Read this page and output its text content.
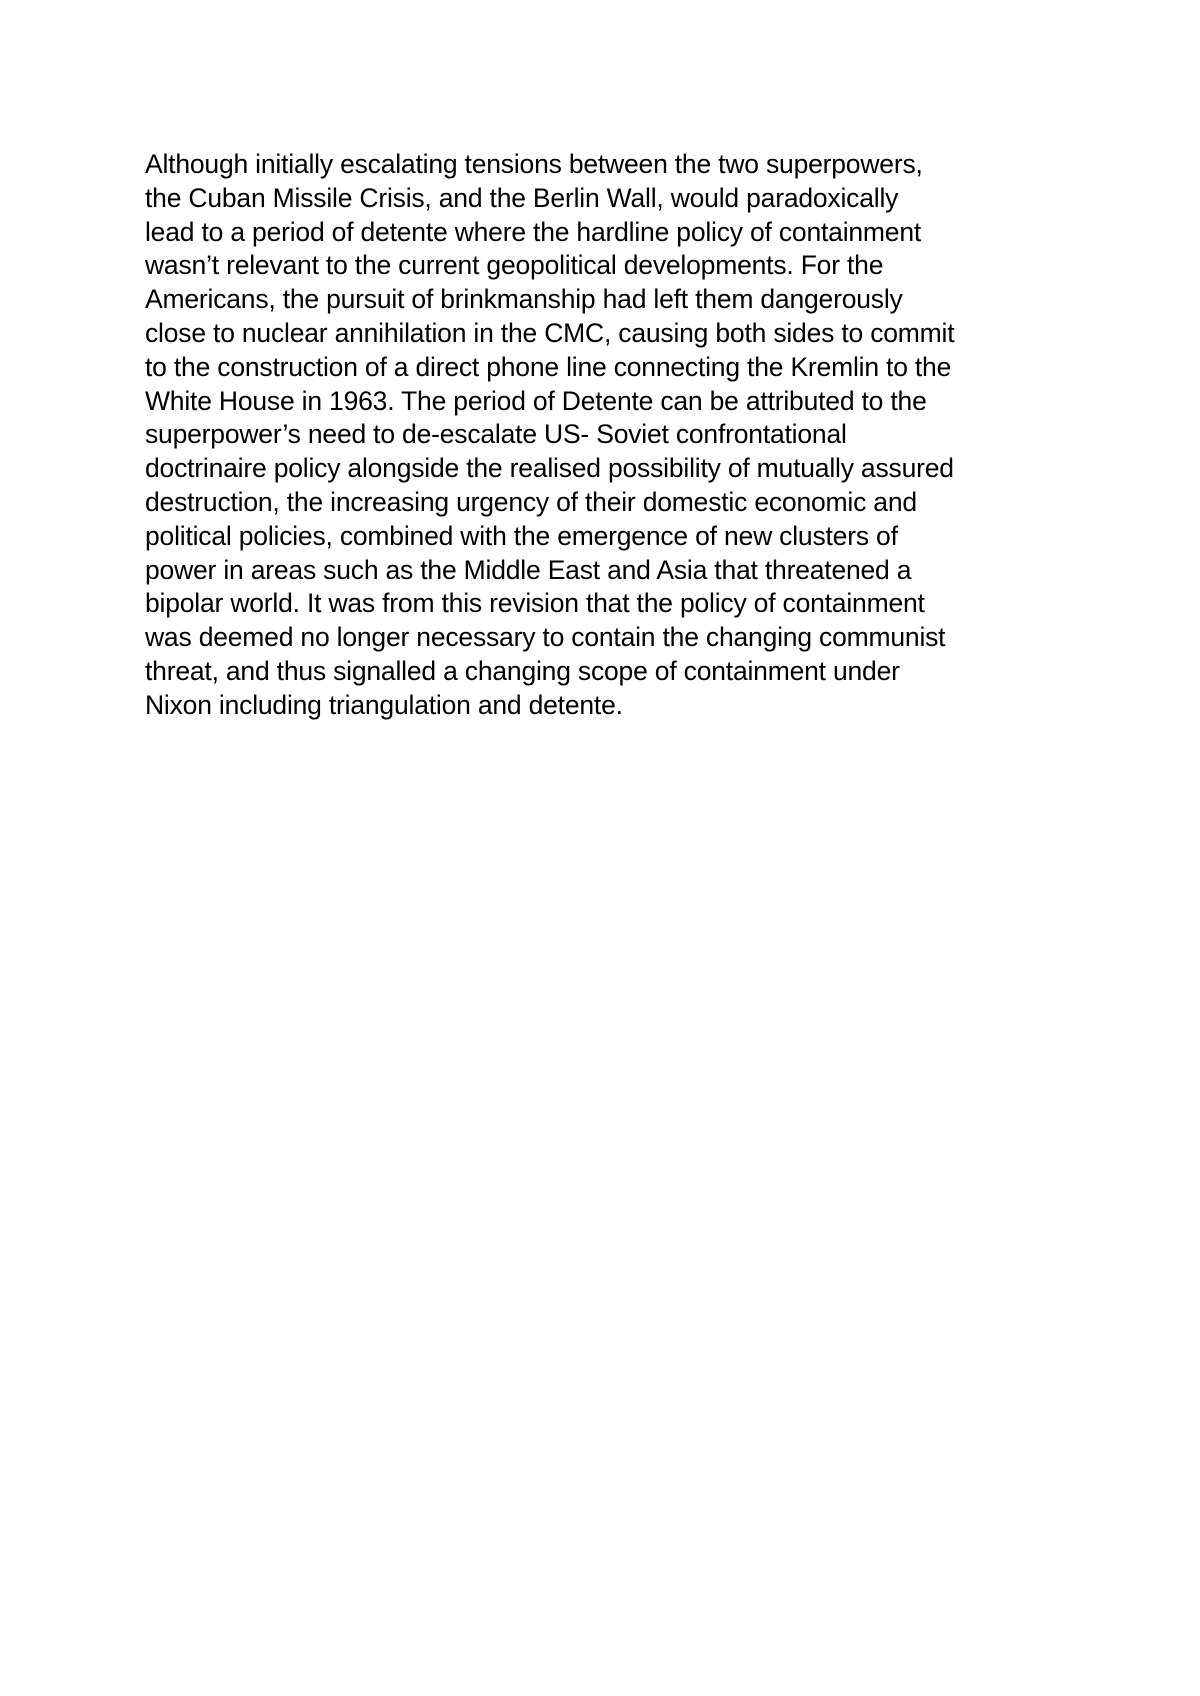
Although initially escalating tensions between the two superpowers,
the Cuban Missile Crisis, and the Berlin Wall, would paradoxically
lead to a period of detente where the hardline policy of containment
wasn’t relevant to the current geopolitical developments. For the
Americans, the pursuit of brinkmanship had left them dangerously
close to nuclear annihilation in the CMC, causing both sides to commit
to the construction of a direct phone line connecting the Kremlin to the
White House in 1963. The period of Detente can be attributed to the
superpower’s need to de-escalate US- Soviet confrontational
doctrinaire policy alongside the realised possibility of mutually assured
destruction, the increasing urgency of their domestic economic and
political policies, combined with the emergence of new clusters of
power in areas such as the Middle East and Asia that threatened a
bipolar world. It was from this revision that the policy of containment
was deemed no longer necessary to contain the changing communist
threat, and thus signalled a changing scope of containment under
Nixon including triangulation and detente.
